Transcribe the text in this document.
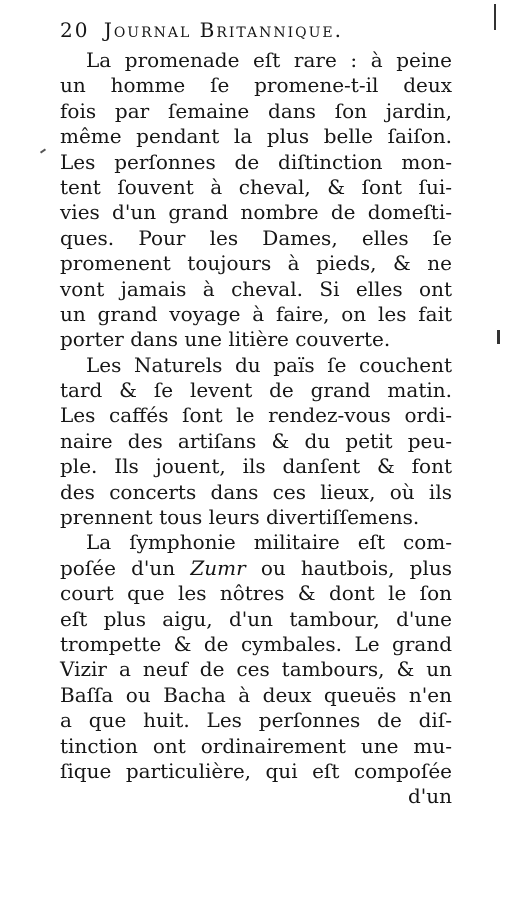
20 Journal Britannique.
La promenade eſt rare : à peine
un homme ſe promene-t-il deux
fois par ſemaine dans ſon jardin,
même pendant la plus belle ſaiſon.
Les perſonnes de diſtinction mon-
tent ſouvent à cheval, & ſont ſui-
vies d'un grand nombre de domeſti-
ques. Pour les Dames, elles ſe
promenent toujours à pieds, & ne
vont jamais à cheval. Si elles ont
un grand voyage à faire, on les fait
porter dans une litière couverte.
Les Naturels du païs ſe couchent
tard & ſe levent de grand matin.
Les caffés ſont le rendez-vous ordi-
naire des artiſans & du petit peu-
ple. Ils jouent, ils danſent & font
des concerts dans ces lieux, où ils
prennent tous leurs divertiſſemens.
La ſymphonie militaire eſt com-
poſée d'un Zumr ou hautbois, plus
court que les nôtres & dont le ſon
eſt plus aigu, d'un tambour, d'une
trompette & de cymbales. Le grand
Vizir a neuf de ces tambours, & un
Baſſa ou Bacha à deux queuës n'en
a que huit. Les perſonnes de diſ-
tinction ont ordinairement une mu-
ſique particulière, qui eſt compoſée
d'un
